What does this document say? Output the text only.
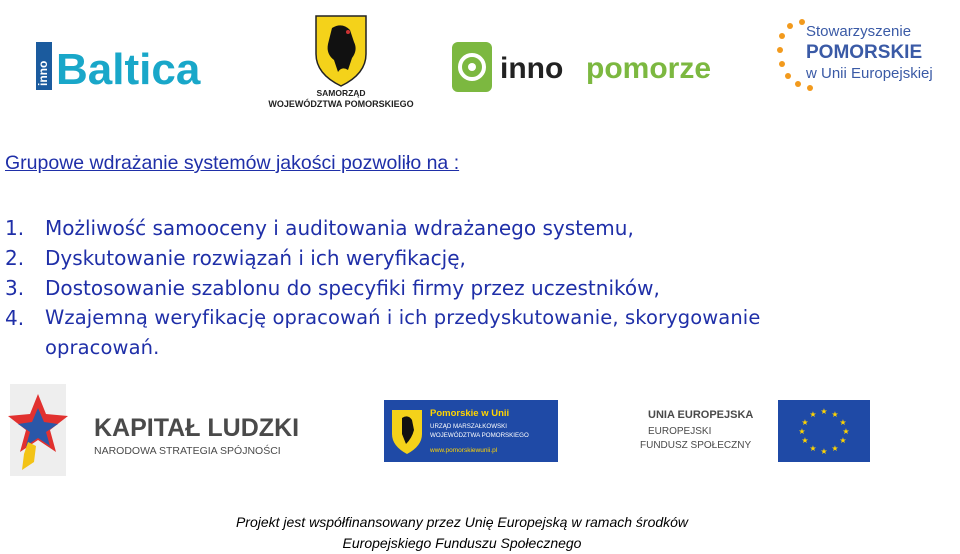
inno Baltica	SAMORZĄD
WOJEWÓDZTWA POMORSKIEGO
inno pomorze
Stowarzyszenie
POMORSKIE
w Unii Europejskiej
Grupowe wdrażanie systemów jakości pozwoliło na :
1.	Możliwość samooceny i auditowania wdrażanego systemu,
2.	Dyskutowanie rozwiązań i ich weryfikację,
3.	Dostosowanie szablonu do specyfiki firmy przez uczestników,
4.	Wzajemną weryfikację opracowań i ich przedyskutowanie, skorygowanie opracowań.
KAPITAŁ LUDZKI
NARODOWA STRATEGIA SPÓJNOŚCI
Pomorskie w Unii
URZĄD MARSZAŁKOWSKI
WOJEWÓDZTWA POMORSKIEGO
www.pomorskiewunii.pl
UNIA EUROPEJSKA
EUROPEJSKI
FUNDUSZ SPOŁECZNY
★ ★
★
★
★
★
★
★
★
★
★
★
Projekt jest współfinansowany przez Unię Europejską w ramach środków
Europejskiego Funduszu Społecznego
